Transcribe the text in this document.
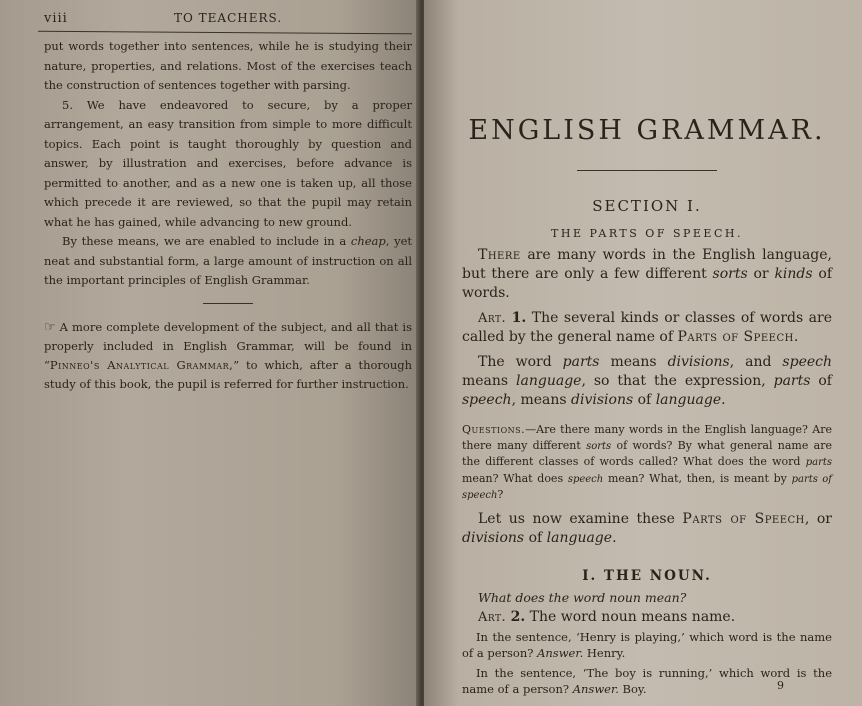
viii	TO TEACHERS.

put words together into sentences, while he is studying their nature, properties, and relations. Most of the exercises teach the construction of sentences together with parsing.

5. We have endeavored to secure, by a proper arrangement, an easy transition from simple to more difficult topics. Each point is taught thoroughly by question and answer, by illustration and exercises, before advance is permitted to another, and as a new one is taken up, all those which precede it are reviewed, so that the pupil may retain what he has gained, while advancing to new ground.

By these means, we are enabled to include in a cheap, yet neat and substantial form, a large amount of instruction on all the important principles of English Grammar.

☞ A more complete development of the subject, and all that is properly included in English Grammar, will be found in “Pinneo's Analytical Grammar,” to which, after a thorough study of this book, the pupil is referred for further instruction.

ENGLISH GRAMMAR.
SECTION I.
THE PARTS OF SPEECH.

There are many words in the English language, but there are only a few different sorts or kinds of words.

Art. 1. The several kinds or classes of words are called by the general name of Parts of Speech.

The word parts means divisions, and speech means language, so that the expression, parts of speech, means divisions of language.

Questions.—Are there many words in the English language? Are there many different sorts of words? By what general name are the different classes of words called? What does the word parts mean? What does speech mean? What, then, is meant by parts of speech?

Let us now examine these Parts of Speech, or divisions of language.

I. THE NOUN.

What does the word noun mean?

Art. 2. The word noun means name.

In the sentence, ‘Henry is playing,’ which word is the name of a person? Answer. Henry.

In the sentence, ‘The boy is running,’ which word is the name of a person? Answer. Boy.	9
